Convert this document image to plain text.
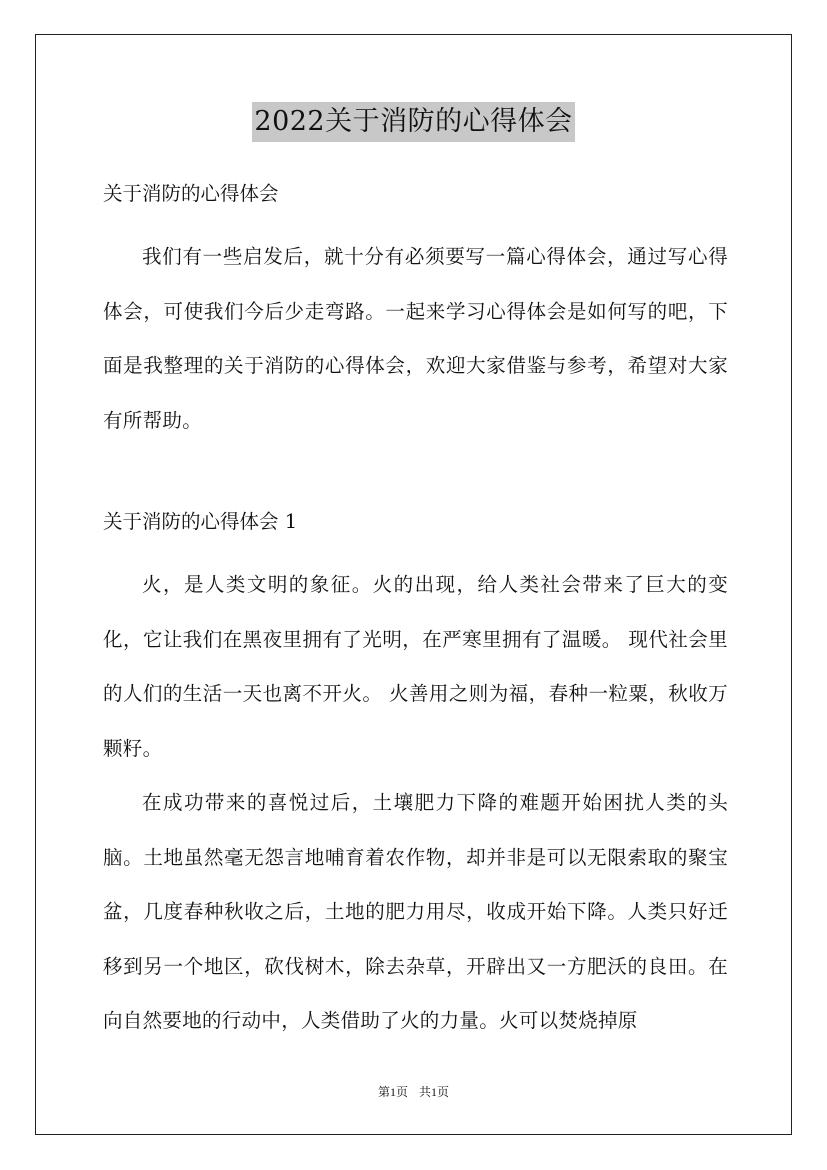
2022关于消防的心得体会

关于消防的心得体会

我们有一些启发后，就十分有必须要写一篇心得体会，通过写心得体会，可使我们今后少走弯路。一起来学习心得体会是如何写的吧，下面是我整理的关于消防的心得体会，欢迎大家借鉴与参考，希望对大家有所帮助。

关于消防的心得体会 1

火，是人类文明的象征。火的出现，给人类社会带来了巨大的变化，它让我们在黑夜里拥有了光明，在严寒里拥有了温暖。 现代社会里的人们的生活一天也离不开火。 火善用之则为福，春种一粒粟，秋收万颗籽。

在成功带来的喜悦过后，土壤肥力下降的难题开始困扰人类的头脑。土地虽然毫无怨言地哺育着农作物，却并非是可以无限索取的聚宝盆，几度春种秋收之后，土地的肥力用尽，收成开始下降。人类只好迁移到另一个地区，砍伐树木，除去杂草，开辟出又一方肥沃的良田。在向自然要地的行动中，人类借助了火的力量。火可以焚烧掉原

第1页 共1页
